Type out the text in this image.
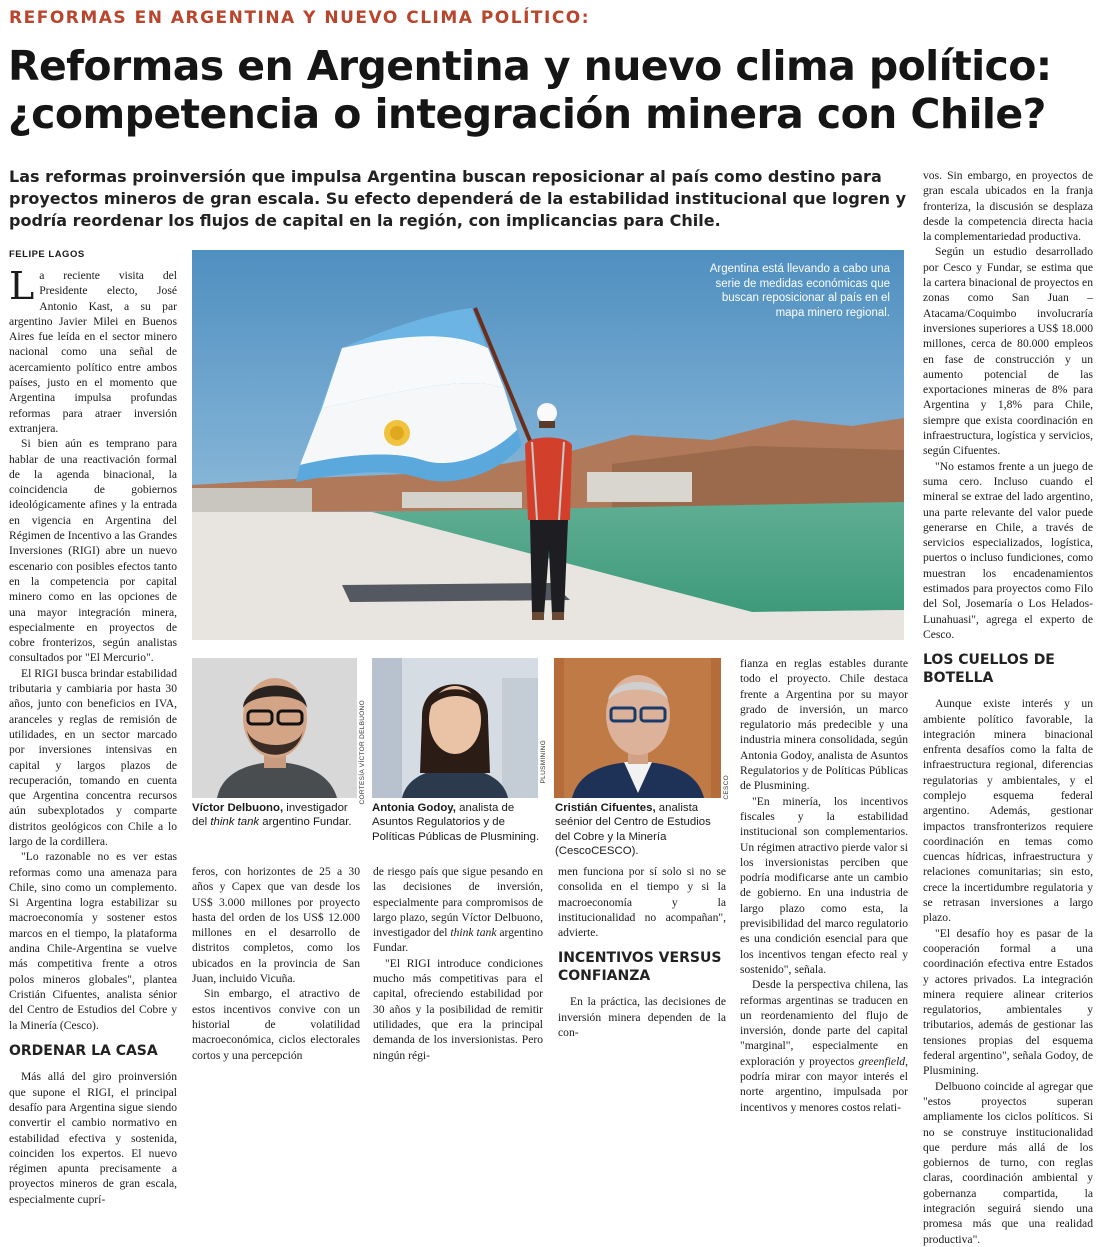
REFORMAS EN ARGENTINA Y NUEVO CLIMA POLÍTICO:
Reformas en Argentina y nuevo clima político:
¿competencia o integración minera con Chile?
Las reformas proinversión que impulsa Argentina buscan reposicionar al país como destino para proyectos mineros de gran escala. Su efecto dependerá de la estabilidad institucional que logren y podría reordenar los flujos de capital en la región, con implicancias para Chile.
FELIPE LAGOS

La reciente visita del Presidente electo, José Antonio Kast, a su par argentino Javier Milei en Buenos Aires fue leída en el sector minero nacional como una señal de acercamiento político entre ambos países, justo en el momento que Argentina impulsa profundas reformas para atraer inversión extranjera.

Si bien aún es temprano para hablar de una reactivación formal de la agenda binacional, la coincidencia de gobiernos ideológicamente afines y la entrada en vigencia en Argentina del Régimen de Incentivo a las Grandes Inversiones (RIGI) abre un nuevo escenario con posibles efectos tanto en la competencia por capital minero como en las opciones de una mayor integración minera, especialmente en proyectos de cobre fronterizos, según analistas consultados por "El Mercurio".

El RIGI busca brindar estabilidad tributaria y cambiaria por hasta 30 años, junto con beneficios en IVA, aranceles y reglas de remisión de utilidades, en un sector marcado por inversiones intensivas en capital y largos plazos de recuperación, tomando en cuenta que Argentina concentra recursos aún subexplotados y comparte distritos geológicos con Chile a lo largo de la cordillera.

"Lo razonable no es ver estas reformas como una amenaza para Chile, sino como un complemento. Si Argentina logra estabilizar su macroeconomía y sostener estos marcos en el tiempo, la plataforma andina Chile-Argentina se vuelve más competitiva frente a otros polos mineros globales", plantea Cristián Cifuentes, analista sénior del Centro de Estudios del Cobre y la Minería (Cesco).

ORDENAR LA CASA

Más allá del giro proinversión que supone el RIGI, el principal desafío para Argentina sigue siendo convertir el cambio normativo en estabilidad efectiva y sostenida, coinciden los expertos. El nuevo régimen apunta precisamente a proyectos mineros de gran escala, especialmente cuprí-

Argentina está llevando a cabo una serie de medidas económicas que buscan reposicionar al país en el mapa minero regional.
CORTESÍA VÍCTOR DELBUONO	PLUSMINING
CESCO
Víctor Delbuono, investigador del think tank argentino Fundar.
Antonia Godoy, analista de Asuntos Regulatorios y de Políticas Públicas de Plusmining.
Cristián Cifuentes, analista seénior del Centro de Estudios del Cobre y la Minería (CescoCESCO).

feros, con horizontes de 25 a 30 años y Capex que van desde los US$ 3.000 millones por proyecto hasta del orden de los US$ 12.000 millones en el desarrollo de distritos completos, como los ubicados en la provincia de San Juan, incluido Vicuña.

Sin embargo, el atractivo de estos incentivos convive con un historial de volatilidad macroeconómica, ciclos electorales cortos y una percepción

de riesgo país que sigue pesando en las decisiones de inversión, especialmente para compromisos de largo plazo, según Víctor Delbuono, investigador del think tank argentino Fundar.

"El RIGI introduce condiciones mucho más competitivas para el capital, ofreciendo estabilidad por 30 años y la posibilidad de remitir utilidades, que era la principal demanda de los inversionistas. Pero ningún régi-

men funciona por sí solo si no se consolida en el tiempo y si la macroeconomía y la institucionalidad no acompañan", advierte.

INCENTIVOS VERSUS
CONFIANZA

En la práctica, las decisiones de inversión minera dependen de la con-

fianza en reglas estables durante todo el proyecto. Chile destaca frente a Argentina por su mayor grado de inversión, un marco regulatorio más predecible y una industria minera consolidada, según Antonia Godoy, analista de Asuntos Regulatorios y de Políticas Públicas de Plusmining.

"En minería, los incentivos fiscales y la estabilidad institucional son complementarios. Un régimen atractivo pierde valor si los inversionistas perciben que podría modificarse ante un cambio de gobierno. En una industria de largo plazo como esta, la previsibilidad del marco regulatorio es una condición esencial para que los incentivos tengan efecto real y sostenido", señala.

Desde la perspectiva chilena, las reformas argentinas se traducen en un reordenamiento del flujo de inversión, donde parte del capital "marginal", especialmente en exploración y proyectos greenfield, podría mirar con mayor interés el norte argentino, impulsada por incentivos y menores costos relati-

vos. Sin embargo, en proyectos de gran escala ubicados en la franja fronteriza, la discusión se desplaza desde la competencia directa hacia la complementariedad productiva.

Según un estudio desarrollado por Cesco y Fundar, se estima que la cartera binacional de proyectos en zonas como San Juan – Atacama/Coquimbo involucraría inversiones superiores a US$ 18.000 millones, cerca de 80.000 empleos en fase de construcción y un aumento potencial de las exportaciones mineras de 8% para Argentina y 1,8% para Chile, siempre que exista coordinación en infraestructura, logística y servicios, según Cifuentes.

"No estamos frente a un juego de suma cero. Incluso cuando el mineral se extrae del lado argentino, una parte relevante del valor puede generarse en Chile, a través de servicios especializados, logística, puertos o incluso fundiciones, como muestran los encadenamientos estimados para proyectos como Filo del Sol, Josemaría o Los Helados-Lunahuasi", agrega el experto de Cesco.

LOS CUELLOS DE
BOTELLA

Aunque existe interés y un ambiente político favorable, la integración minera binacional enfrenta desafíos como la falta de infraestructura regional, diferencias regulatorias y ambientales, y el complejo esquema federal argentino. Además, gestionar impactos transfronterizos requiere coordinación en temas como cuencas hídricas, infraestructura y relaciones comunitarias; sin esto, crece la incertidumbre regulatoria y se retrasan inversiones a largo plazo.

"El desafío hoy es pasar de la cooperación formal a una coordinación efectiva entre Estados y actores privados. La integración minera requiere alinear criterios regulatorios, ambientales y tributarios, además de gestionar las tensiones propias del esquema federal argentino", señala Godoy, de Plusmining.

Delbuono coincide al agregar que "estos proyectos superan ampliamente los ciclos políticos. Si no se construye institucionalidad que perdure más allá de los gobiernos de turno, con reglas claras, coordinación ambiental y gobernanza compartida, la integración seguirá siendo una promesa más que una realidad productiva".
